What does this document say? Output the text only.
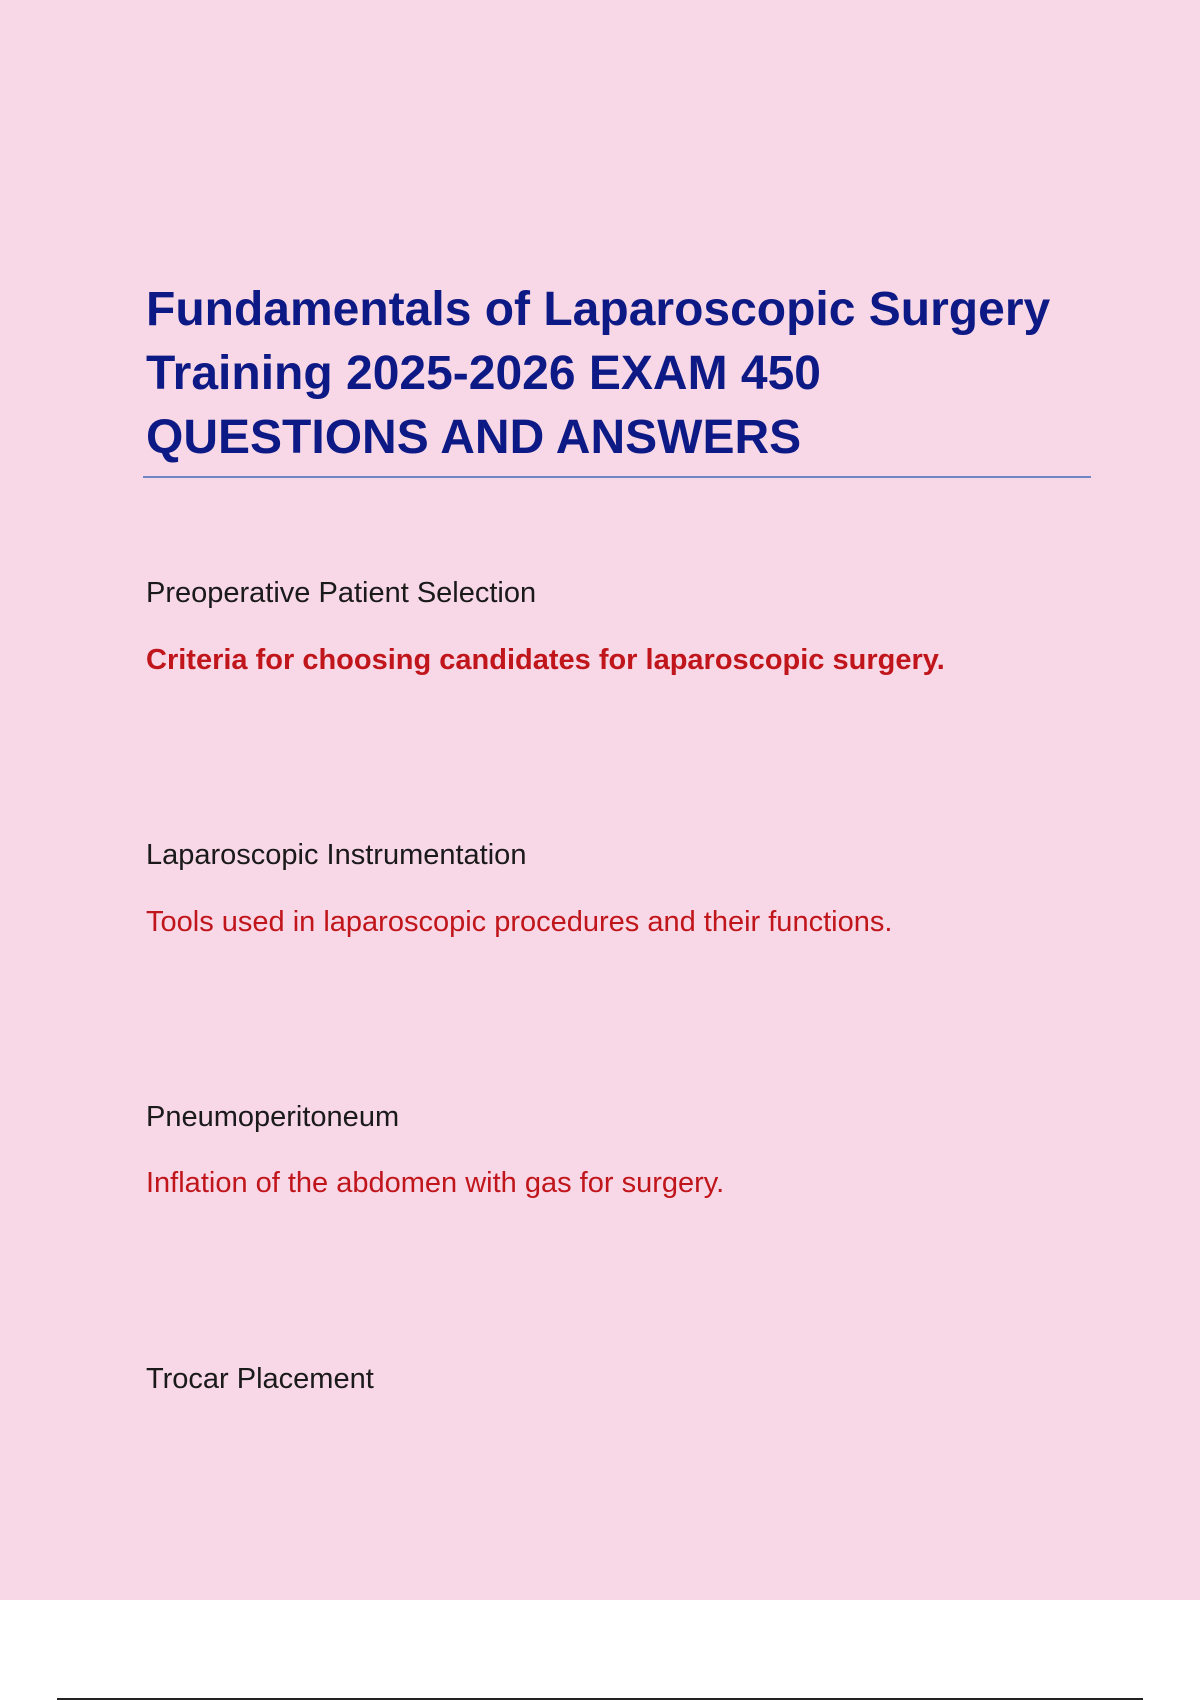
Fundamentals of Laparoscopic Surgery Training 2025-2026 EXAM 450 QUESTIONS AND ANSWERS

Preoperative Patient Selection

Criteria for choosing candidates for laparoscopic surgery.

Laparoscopic Instrumentation

Tools used in laparoscopic procedures and their functions.

Pneumoperitoneum

Inflation of the abdomen with gas for surgery.

Trocar Placement
